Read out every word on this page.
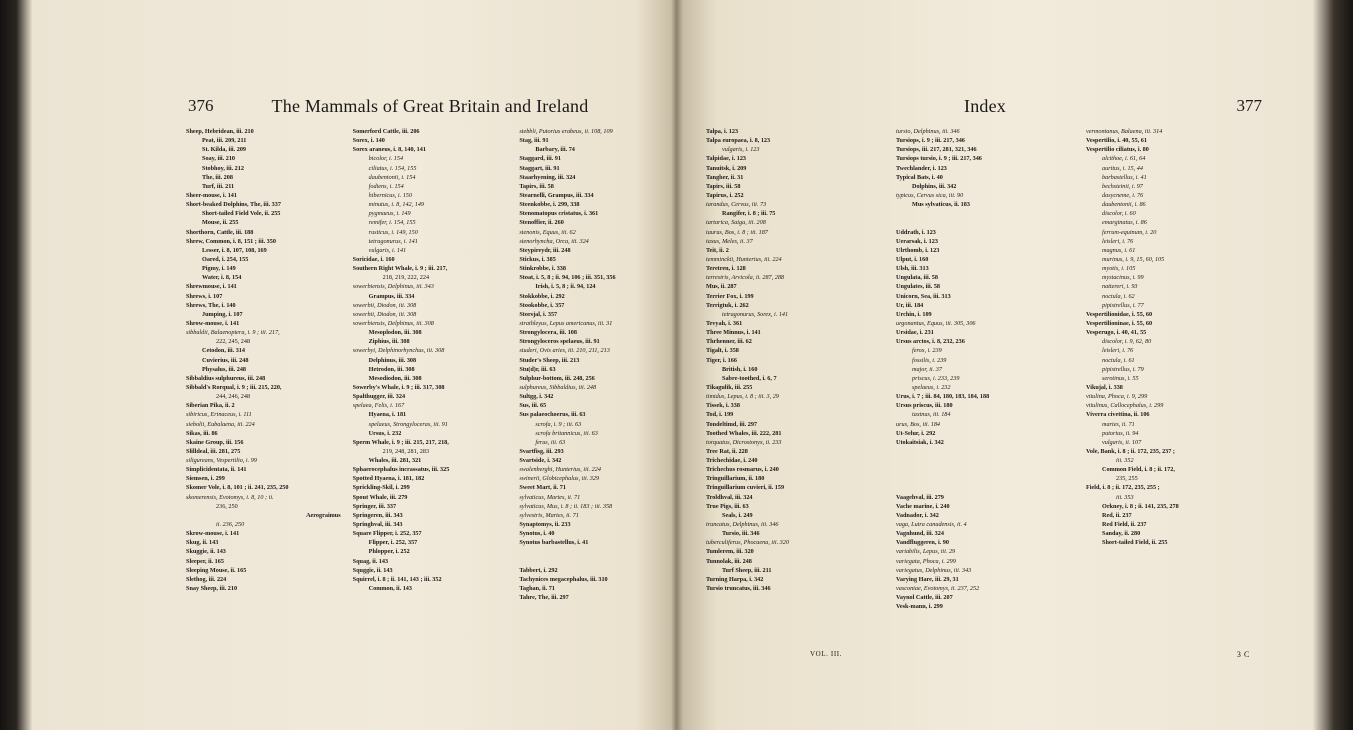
376	The Mammals of Great Britain and Ireland
Sheep, Hebridean, iii. 210
Peat, iii. 209, 211
St. Kilda, iii. 209
Soay, iii. 210
Stobhoy, iii. 212
The, iii. 208
Turf, iii. 211
Sheer-mouse, i. 141
Short-beaked Dolphins, The, iii. 337
Short-tailed Field Vole, ii. 255
Mouse, ii. 255
Shorthorn, Cattle, iii. 188
Shrew, Common, i. 8, 151 ; iii. 350
Lesser, i. 8, 107, 108, 169
Oared, i. 254, 155
Pigmy, i. 149
Water, i. 8, 154
Shrewmouse, i. 141
Shrews, i. 107
Shrews, The, i. 140
Jumping, i. 107
Shrow-mouse, i. 141
sibbaldii, Balaenoptera, i. 9 ; iii. 217,
222, 245, 248
Cetodon, iii. 314
Cuvierius, iii. 248
Physalus, iii. 248
Sibbaldius sulphureus, iii. 248
Sibbald's Rorqual, i. 9 ; iii. 215, 220,
244, 246, 248
Siberian Pika, ii. 2
sibiricus, Erinaceus, i. 111
siebolii, Eubalaena, iii. 224
Sikas, iii. 86
Skaine Group, iii. 156
Slilldeal, iii. 281, 275
siligureans, Vespertilio, i. 99
Simplicidentata, ii. 141
Siemsen, i. 299
Skomer Vole, i. 8, 101 ; ii. 241, 235, 250
skomerensis, Evotomys, i. 8, 10 ; ii.
236, 250
Aerograimus
ii. 236, 250
Skrow-mouse, i. 141
Skug, ii. 143
Skuggie, ii. 143
Sleeper, ii. 165
Sleeping Mouse, ii. 165
Slethog, iii. 224
Snay Sheep, iii. 210
Somerford Cattle, iii. 206
Sorex, i. 140
Sorex araneus, i. 8, 140, 141
bicolor, i. 154
ciliatus, i. 154, 155
daubentonii, i. 154
fodiens, i. 154
hibernicus, i. 150
minutus, i. 8, 142, 149
pygmaeus, i. 149
remifer, i. 154, 155
rusticus, i. 149, 150
tetragonurus, i. 141
vulgaris, i. 141
Soricidae, i. 160
Southern Right Whale, i. 9 ; iii. 217,
218, 219, 222, 224
sowerbiensis, Delphinus, iii. 343
Grampus, iii. 334
sowerbii, Diodon, iii. 308
sowerbii, Diodon, iii. 308
sowerbiensis, Delphinus, iii. 308
Mesoplodon, iii. 308
Ziphius, iii. 308
sowerbyi, Delphinorhynchus, iii. 308
Delphinus, iii. 308
Hetrodon, iii. 308
Mesodiodon, iii. 308
Sowerby's Whale, i. 9 ; iii. 317, 308
Spalthugger, iii. 324
spelaea, Felis, i. 167
Hyaena, i. 181
spelaeus, Strongyloceras, iii. 91
Ursus, i. 232
Sperm Whale, i. 9 ; iii. 215, 217, 218,
219, 248, 281, 283
Whales, iii. 281, 321
Sphaerocephalus incrassatus, iii. 325
Spotted Hyaena, i. 181, 182
Sprickling-Skil, i. 299
Spout Whale, iii. 279
Springer, iii. 337
Springeren, iii. 343
Springhval, iii. 343
Square Flipper, i. 252, 357
Flipper, i. 252, 357
Phlopper, i. 252
Squag, ii. 143
Squggie, ii. 143
Squirrel, i. 8 ; ii. 141, 143 ; iii. 352
Common, ii. 143
stebbli, Putorius erabeus, ii. 108, 109
Stag, iii. 91
Barbary, iii. 74
Staggard, iii. 91
Staggart, iii. 91
Staarhyening, iii. 324
Tapirs, iii. 58
Stearnelli, Grampus, iii. 334
Steenkobbe, i. 299, 338
Stenomatopus cristatus, i. 361
Stenoffier, ii. 260
stenonis, Equus, iii. 62
stenorhyncha, Orca, iii. 324
Steypireydr, iii. 248
Stickus, i. 385
Stinkrobbe, i. 338
Stoat, i. 5, 8 ; ii. 94, 106 ; iii. 351, 356
Irish, i. 5, 8 ; ii. 94, 124
Stokkobbe, i. 292
Stookobbe, i. 357
Storsjal, i. 357
strathleyus, Lepus americanus, iii. 31
Strongylocera, iii. 108
Strongyloceros spelaeus, iii. 91
studeri, Ovis aries, iii. 210, 211, 213
Studer's Sheep, iii. 213
Stu(d)r, iii. 63
Sulphur-bottom, iii. 248, 256
sulphureus, Sibbaldius, iii. 248
Sultgg, i. 342
Sus, iii. 65
Sus palaeochoerus, iii. 63
scrofa, i. 9 ; iii. 63
scrofa britannicus, iii. 63
ferus, iii. 63
Svartfisg, iii. 293
Svartside, i. 342
swalenberghi, Hunterius, iii. 224
swinerii, Globicephalus, iii. 329
Sweet Mart, ii. 71
sylvaticus, Martes, ii. 71
sylvaticus, Mus, i. 8 ; ii. 183 ; iii. 358
sylvestris, Martes, ii. 71
Synaptomys, ii. 233
Synotus, i. 40
Synotus barbastellus, i. 41
Tabbert, i. 292
Tachynices megacephalus, iii. 310
Taghan, ii. 71
Tahre, The, iii. 297
Index	377
Talpa, i. 123
Talpa europaea, i. 8, 123
vulgaris, i. 123
Talpidae, i. 123
Tanuitsk, i. 209
Tangher, ii. 31
Tapirs, iii. 58
Tapirus, i. 252
tarandus, Cervus, iii. 73
Rangifer, i. 8 ; iii. 75
tartarica, Saiga, iii. 208
taurus, Bos, i. 8 ; iii. 187
taxus, Meles, ii. 37
Teit, ii. 2
temminckii, Hunterius, iii. 224
Teretren, i. 128
terrestris, Arvicola, ii. 287, 288
Mus, ii. 287
Terrier Fox, i. 199
Terrigtuk, i. 262
tetragonurus, Sorex, i. 141
Tevyah, i. 361
Three Minnus, i. 141
Thrhenner, iii. 62
Tigalt, i. 358
Tiger, i. 166
British, i. 160
Sabre-toothed, i. 6, 7
Tikagulik, iii. 255
timidus, Lepus, i. 8 ; iii. 3, 29
Tissek, i. 338
Tod, i. 199
Tondeltimd, iii. 297
Toothed Whales, iii. 222, 281
torquatus, Dicrostonyx, ii. 233
Tree Rat, ii. 228
Trichechidae, i. 240
Trichechus rosmarus, i. 240
Tringuillarium, ii. 180
Tringuillarium cuvieri, ii. 159
Troldhval, iii. 324
True Pigs, iii. 63
Seals, i. 249
truncatus, Delphinus, iii. 346
Tursio, iii. 346
tuberculiferus, Phocaena, iii. 320
Tumlerem, iii. 320
Tunnolak, iii. 248
Turf Sheep, iii. 211
Turning Harpa, i. 342
Tursio truncatus, iii. 346
tursio, Delphinus, iii. 346
Tursiops, i. 9 ; iii. 217, 346
Tursiops, iii. 217, 281, 321, 346
Tursiops tursio, i. 9 ; iii. 217, 346
Twechlander, i. 123
Typical Bats, i. 40
Dolphins, iii. 342
typicus, Cervus sica, iii. 90
Mus sylvaticus, ii. 183
Uddrath, i. 123
Uerarsak, i. 123
Ulrthomb, i. 123
Ulput, i. 160
Ulsh, iii. 313
Ungulata, iii. 58
Ungulates, iii. 58
Unicorn, Sea, iii. 313
Ur, iii. 184
Urchin, i. 109
urgonantus, Equus, iii. 305, 306
Ursidae, i. 231
Ursus arctos, i. 8, 232, 236
ferox, i. 239
fossilis, i. 239
major, ii. 37
priscus, i. 233, 239
spelaeus, i. 232
Urus, i. 7 ; iii. 84, 180, 183, 184, 188
Ursus priscus, iii. 180
taxinus, iii. 184
urus, Bos, iii. 184
Ut-Selur, i. 292
Utokaitsiak, i. 342
Vaagehval, iii. 279
Vache marine, i. 240
Vadnador, i. 342
vaga, Lutra canadensis, ii. 4
Vagnhund, iii. 324
Vandfluggeren, i. 90
variabilis, Lepus, iii. 29
variegata, Phoca, i. 299
variegatus, Delphinus, iii. 343
Varying Hare, iii. 29, 31
vasconiae, Evotomys, ii. 237, 252
Vaynol Cattle, iii. 207
Vesk-mann, i. 299
vermontanus, Balaena, iii. 314
Vespertilio, i. 40, 55, 61
Vespertilio ciliatus, i. 80
alcithoe, i. 61, 64
auritus, i. 15, 44
barbastellus, i. 41
bechsteinii, i. 97
dasycneme, i. 76
daubentonii, i. 86
discolor, i. 60
emarginatus, i. 86
ferrum-equinum, i. 20
leisleri, i. 76
magnus, i. 61
murinus, i. 9, 15, 60, 105
myotis, i. 105
mystacinus, i. 99
nattereri, i. 93
noctula, i. 62
pipistrellus, i. 77
Vespertilionidae, i. 55, 60
Vespertilioninae, i. 55, 60
Vesperugo, i. 40, 41, 55
discolor, i. 9, 62, 80
leisleri, i. 76
noctula, i. 61
pipistrellus, i. 79
serotinus, i. 55
Vikujal, i. 338
vitulina, Phoca, i. 9, 299
vitulinus, Callocephalus, i. 299
Viverra civettina, ii. 106
martes, ii. 71
putorius, ii. 94
vulgaris, ii. 107
Vole, Bank, i. 8 ; ii. 172, 235, 237 ;
iii. 352
Common Field, i. 8 ; ii. 172,
235, 255
Field, i. 8 ; ii. 172, 235, 255 ;
iii. 353
Orkney, i. 8 ; ii. 141, 235, 278
Red, ii. 237
Red Field, ii. 237
Sanday, ii. 280
Short-tailed Field, ii. 255
VOL. III.	3 C
